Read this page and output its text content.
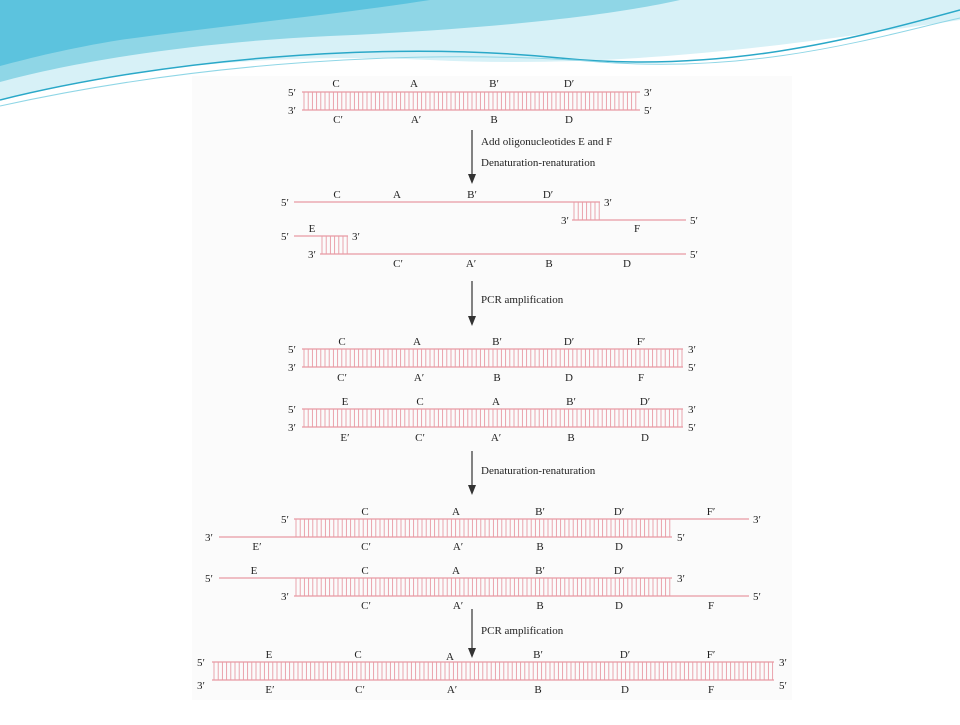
5′	3′
3′	5′
C	A	B′	D′
C′	A′	B	D
Add oligonucleotides E and F
Denaturation-renaturation
5′	3′
C	A	B′	D′
3′	5′
F
5′	3′
E
3′	5′
C′	A′	B	D
PCR amplification
5′	3′
3′	5′
C	A	B′	D′	F′
C′	A′	B	D	F
5′	3′
3′	5′
E	C	A	B′	D′
E′	C′	A′	B	D
Denaturation-renaturation
5′	3′
3′	5′
C	A	B′	D′	F′
E′	C′	A′	B	D
5′	3′
3′	5′
E	C	A	B′	D′
C′	A′	B	D	F
PCR amplification
5′	3′
3′	5′
E	C	A	B′	D′	F′
E′	C′	A′	B	D	F
